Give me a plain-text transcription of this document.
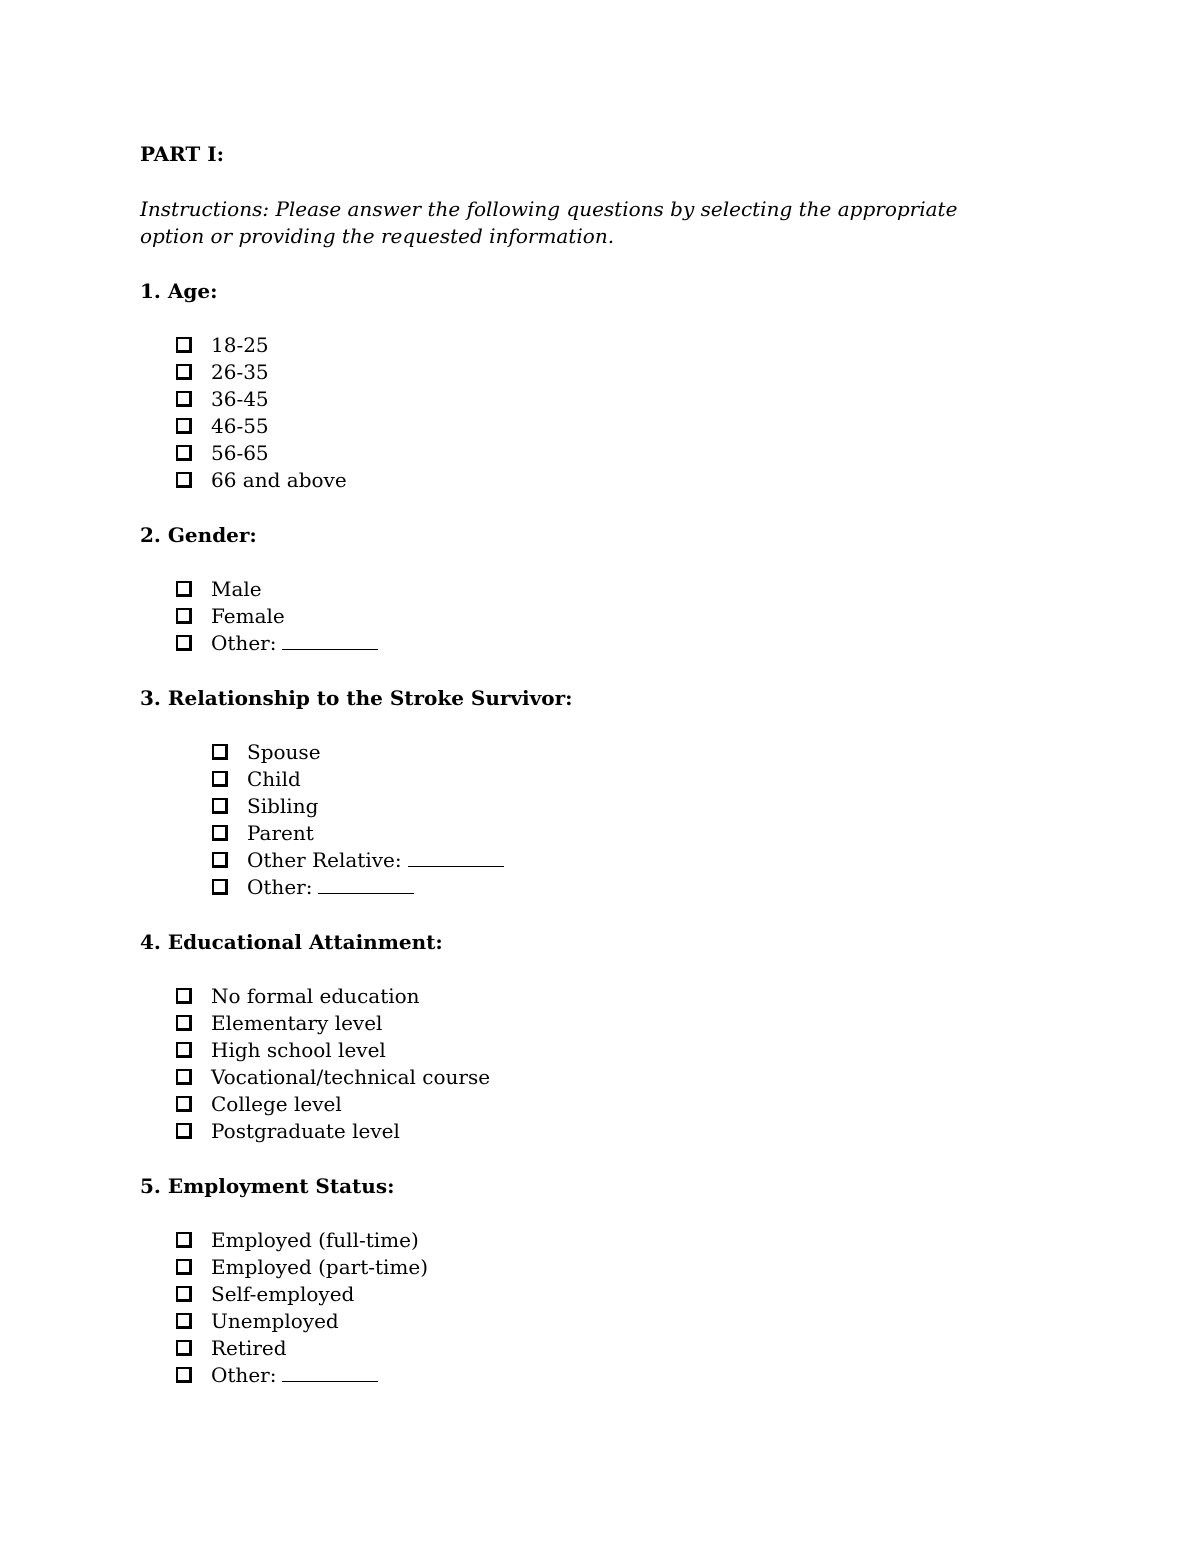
PART I:
Instructions: Please answer the following questions by selecting the appropriate option or providing the requested information.
1. Age:
18-25
26-35
36-45
46-55
56-65
66 and above
2. Gender:
Male
Female
Other:
3. Relationship to the Stroke Survivor:
Spouse
Child
Sibling
Parent
Other Relative:
Other:
4. Educational Attainment:
No formal education
Elementary level
High school level
Vocational/technical course
College level
Postgraduate level
5. Employment Status:
Employed (full-time)
Employed (part-time)
Self-employed
Unemployed
Retired
Other:
